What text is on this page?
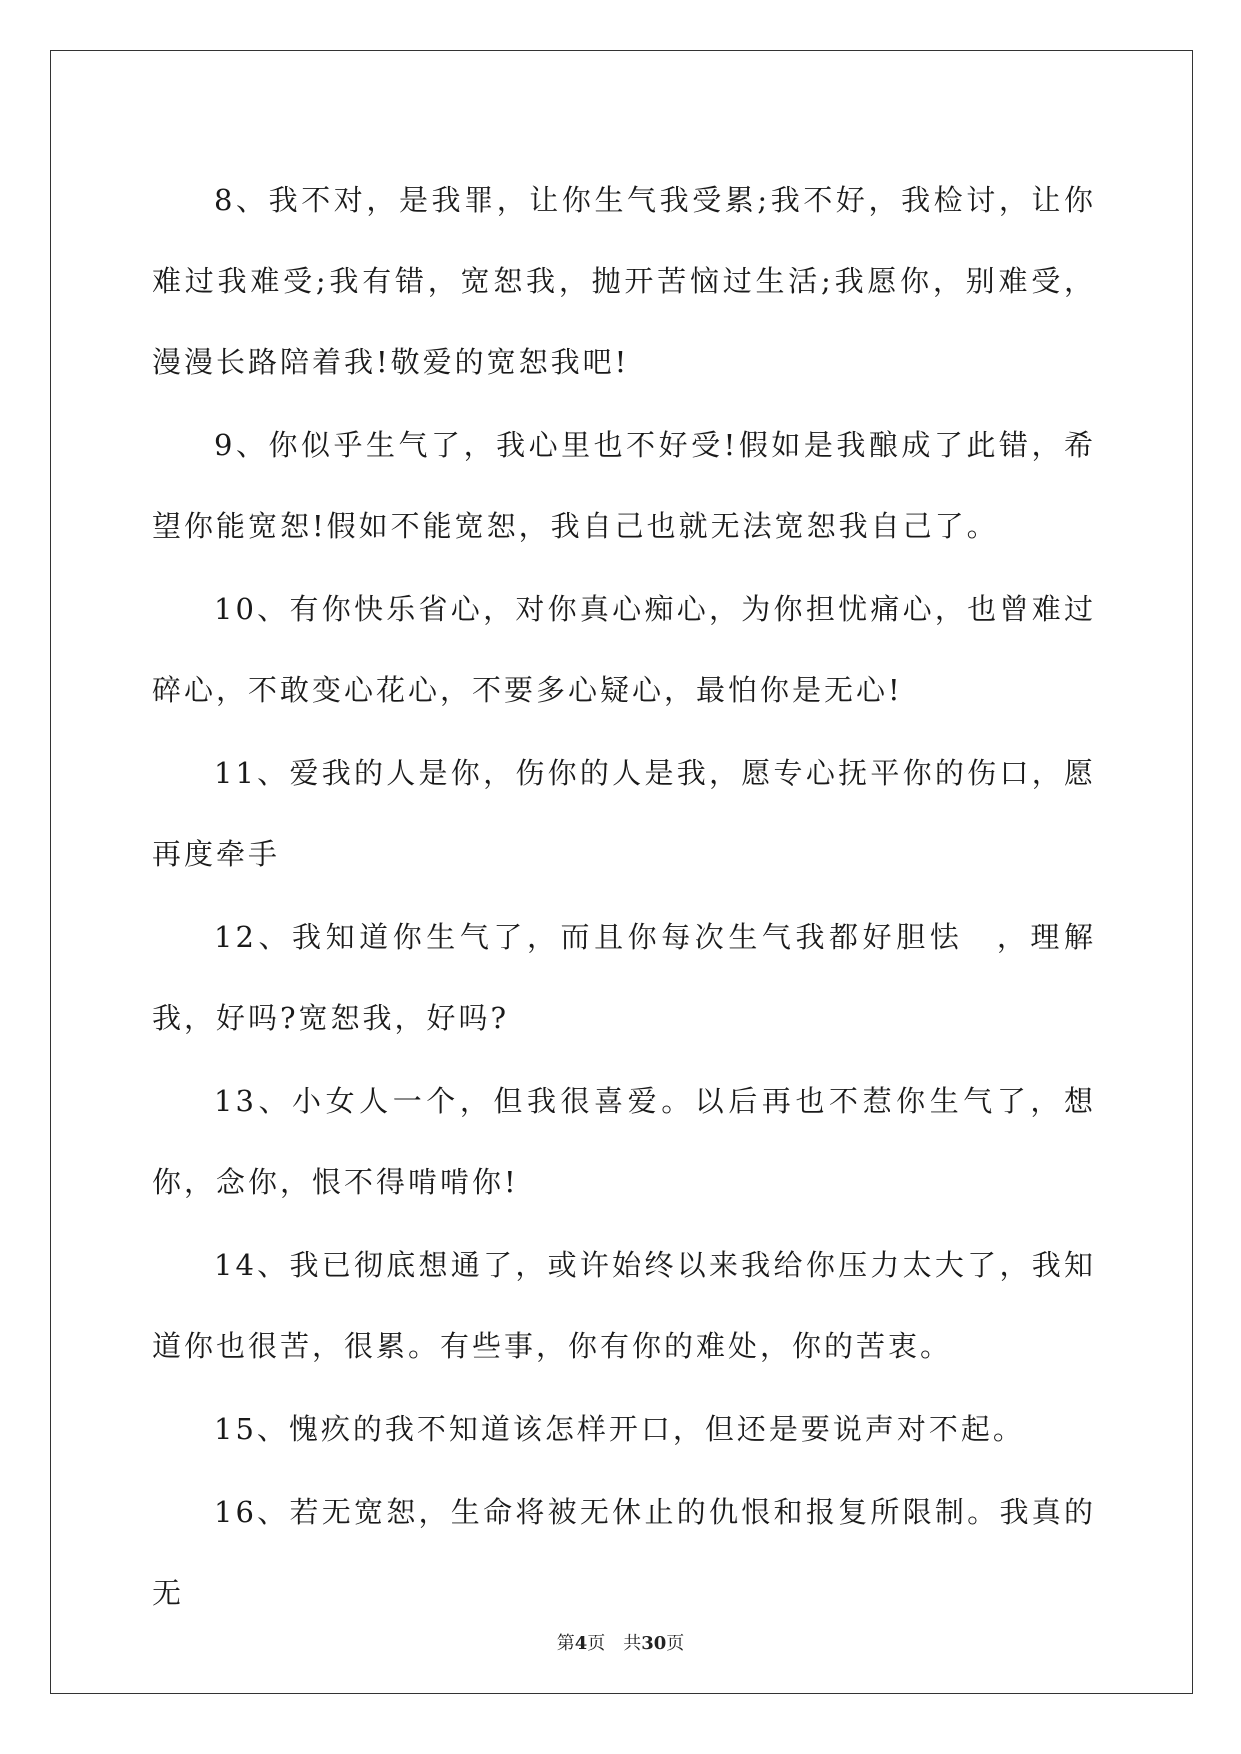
8、我不对，是我罪，让你生气我受累;我不好，我检讨，让你难过我难受;我有错，宽恕我，抛开苦恼过生活;我愿你，别难受，漫漫长路陪着我!敬爱的宽恕我吧!

9、你似乎生气了，我心里也不好受!假如是我酿成了此错，希望你能宽恕!假如不能宽恕，我自己也就无法宽恕我自己了。

10、有你快乐省心，对你真心痴心，为你担忧痛心，也曾难过碎心，不敢变心花心，不要多心疑心，最怕你是无心!

11、爱我的人是你，伤你的人是我，愿专心抚平你的伤口，愿再度牵手

12、我知道你生气了，而且你每次生气我都好胆怯　，理解我，好吗?宽恕我，好吗?

13、小女人一个，但我很喜爱。以后再也不惹你生气了，想你，念你，恨不得啃啃你!

14、我已彻底想通了，或许始终以来我给你压力太大了，我知道你也很苦，很累。有些事，你有你的难处，你的苦衷。

15、愧疚的我不知道该怎样开口，但还是要说声对不起。

16、若无宽恕，生命将被无休止的仇恨和报复所限制。我真的无

第4页　共30页
